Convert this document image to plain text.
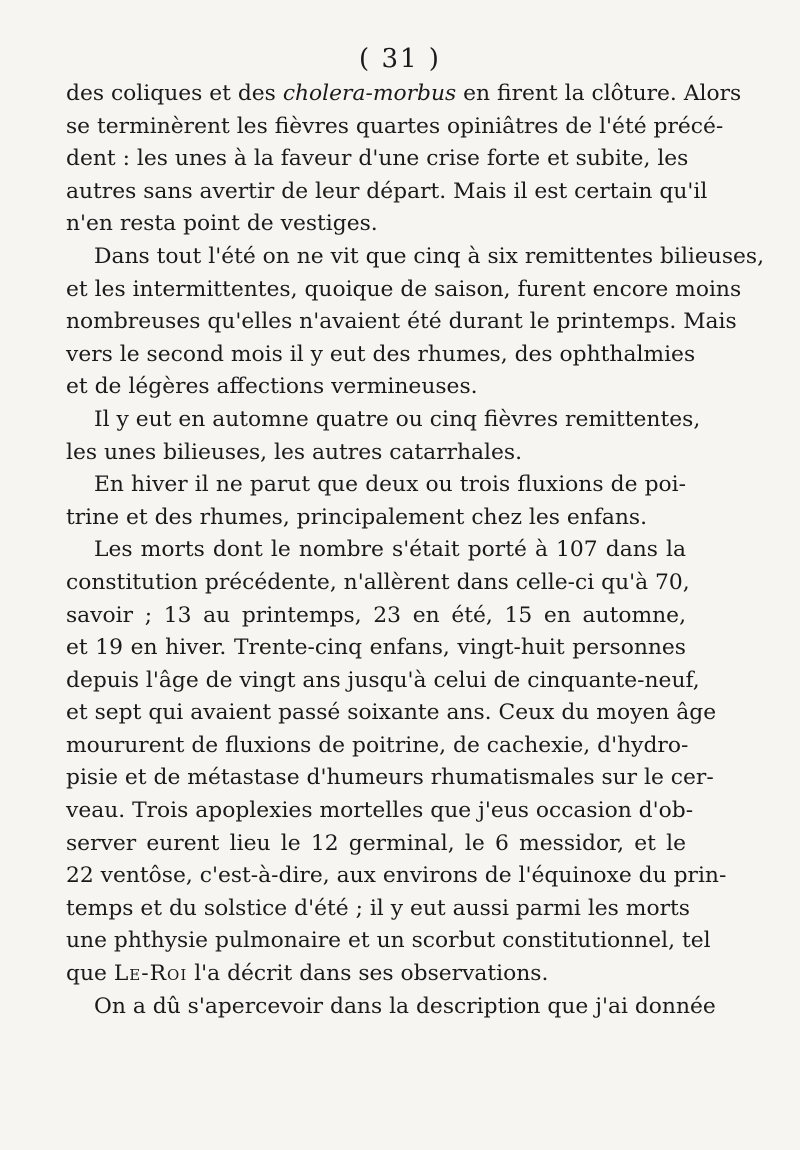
( 31 )
des coliques et des cholera-morbus en firent la clôture. Alors
se terminèrent les fièvres quartes opiniâtres de l'été précé-
dent : les unes à la faveur d'une crise forte et subite, les
autres sans avertir de leur départ. Mais il est certain qu'il
n'en resta point de vestiges.
Dans tout l'été on ne vit que cinq à six remittentes bilieuses,
et les intermittentes, quoique de saison, furent encore moins
nombreuses qu'elles n'avaient été durant le printemps. Mais
vers le second mois il y eut des rhumes, des ophthalmies
et de légères affections vermineuses.
Il y eut en automne quatre ou cinq fièvres remittentes,
les unes bilieuses, les autres catarrhales.
En hiver il ne parut que deux ou trois fluxions de poi-
trine et des rhumes, principalement chez les enfans.
Les morts dont le nombre s'était porté à 107 dans la
constitution précédente, n'allèrent dans celle-ci qu'à 70,
savoir ; 13 au printemps, 23 en été, 15 en automne,
et 19 en hiver. Trente-cinq enfans, vingt-huit personnes
depuis l'âge de vingt ans jusqu'à celui de cinquante-neuf,
et sept qui avaient passé soixante ans. Ceux du moyen âge
moururent de fluxions de poitrine, de cachexie, d'hydro-
pisie et de métastase d'humeurs rhumatismales sur le cer-
veau. Trois apoplexies mortelles que j'eus occasion d'ob-
server eurent lieu le 12 germinal, le 6 messidor, et le
22 ventôse, c'est-à-dire, aux environs de l'équinoxe du prin-
temps et du solstice d'été ; il y eut aussi parmi les morts
une phthysie pulmonaire et un scorbut constitutionnel, tel
que Le-Roi l'a décrit dans ses observations.
On a dû s'apercevoir dans la description que j'ai donnée
